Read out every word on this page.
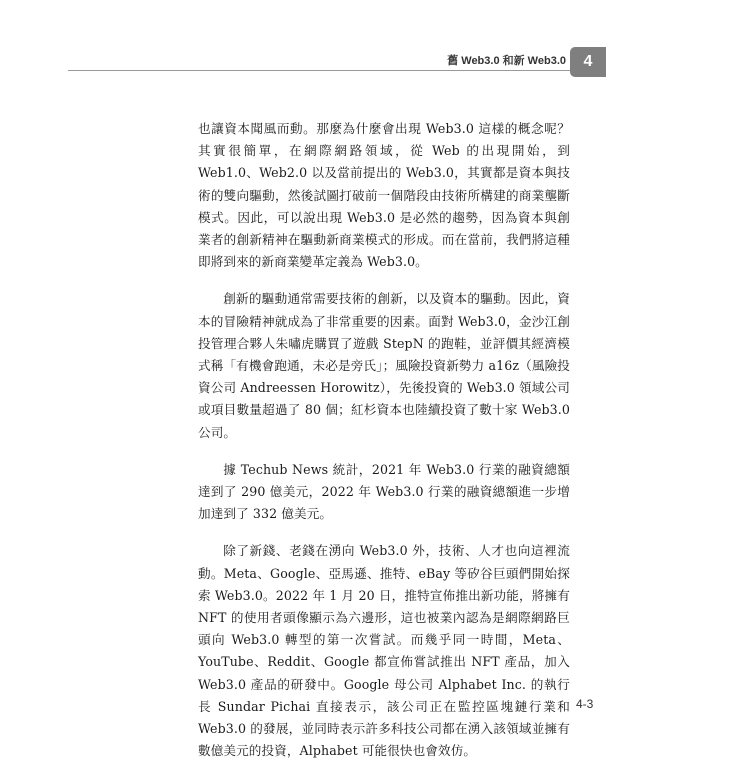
舊 Web3.0 和新 Web3.0	4

也讓資本聞風而動。那麼為什麼會出現 Web3.0 這樣的概念呢？其實很簡單，在網際網路領域，從 Web 的出現開始，到 Web1.0、Web2.0 以及當前提出的 Web3.0，其實都是資本與技術的雙向驅動，然後試圖打破前一個階段由技術所構建的商業壟斷模式。因此，可以說出現 Web3.0 是必然的趨勢，因為資本與創業者的創新精神在驅動新商業模式的形成。而在當前，我們將這種即將到來的新商業變革定義為 Web3.0。

創新的驅動通常需要技術的創新，以及資本的驅動。因此，資本的冒險精神就成為了非常重要的因素。面對 Web3.0，金沙江創投管理合夥人朱嘯虎購買了遊戲 StepN 的跑鞋，並評價其經濟模式稱「有機會跑通，未必是旁氏」；風險投資新勢力 a16z（風險投資公司 Andreessen Horowitz），先後投資的 Web3.0 領域公司或項目數量超過了 80 個；紅杉資本也陸續投資了數十家 Web3.0 公司。

據 Techub News 統計，2021 年 Web3.0 行業的融資總額達到了 290 億美元，2022 年 Web3.0 行業的融資總額進一步增加達到了 332 億美元。

除了新錢、老錢在湧向 Web3.0 外，技術、人才也向這裡流動。Meta、Google、亞馬遜、推特、eBay 等矽谷巨頭們開始探索 Web3.0。2022 年 1 月 20 日，推特宣佈推出新功能，將擁有 NFT 的使用者頭像顯示為六邊形，這也被業內認為是網際網路巨頭向 Web3.0 轉型的第一次嘗試。而幾乎同一時間，Meta、YouTube、Reddit、Google 都宣佈嘗試推出 NFT 產品，加入 Web3.0 產品的研發中。Google 母公司 Alphabet Inc. 的執行長 Sundar Pichai 直接表示，該公司正在監控區塊鏈行業和 Web3.0 的發展，並同時表示許多科技公司都在湧入該領域並擁有數億美元的投資，Alphabet 可能很快也會效仿。

4-3
